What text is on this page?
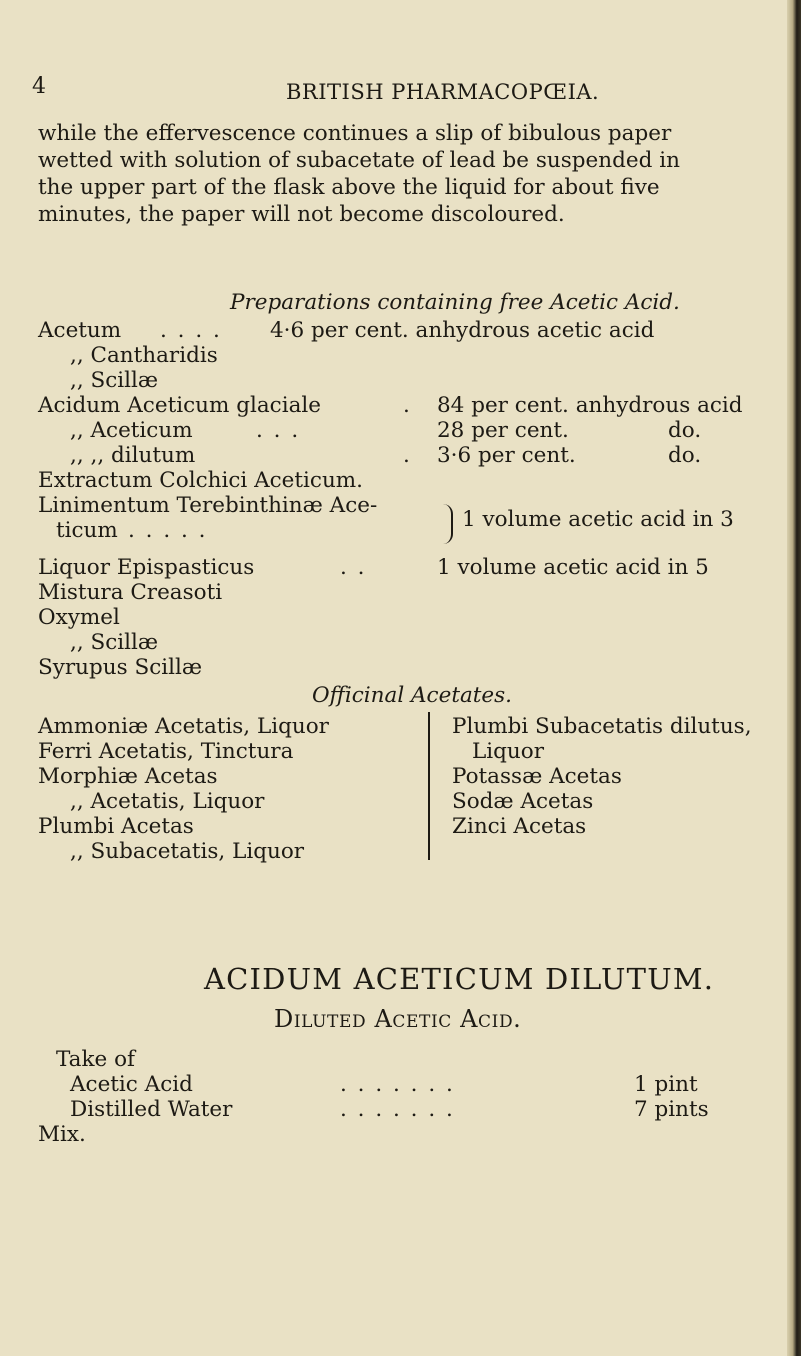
4	BRITISH PHARMACOPŒIA.
while the effervescence continues a slip of bibulous paper
wetted with solution of subacetate of lead be suspended in
the upper part of the flask above the liquid for about five
minutes, the paper will not become discoloured.
Preparations containing free Acetic Acid.
Acetum . . . . 4·6 per cent. anhydrous acetic acid
,, Cantharidis
,, Scillæ
Acidum Aceticum glaciale	. 84 per cent. anhydrous acid
,, Aceticum	. . .	28 per cent.	do.
,, ,, dilutum	. 3·6 per cent.	do.
Extractum Colchici Aceticum.
Linimentum Terebinthinæ Ace-
ticum . . . . .	1 volume acetic acid in 3
Liquor Epispasticus	. .	1 volume acetic acid in 5
Mistura Creasoti
Oxymel
,, Scillæ
Syrupus Scillæ
Officinal Acetates.
Ammoniæ Acetatis, Liquor
Ferri Acetatis, Tinctura
Morphiæ Acetas
,, Acetatis, Liquor
Plumbi Acetas
,, Subacetatis, Liquor
Plumbi Subacetatis dilutus,
Liquor
Potassæ Acetas
Sodæ Acetas
Zinci Acetas
ACIDUM ACETICUM DILUTUM.
Diluted Acetic Acid.
Take of
Acetic Acid	. . . . . . .	1 pint
Distilled Water	. . . . . . .	7 pints
Mix.
